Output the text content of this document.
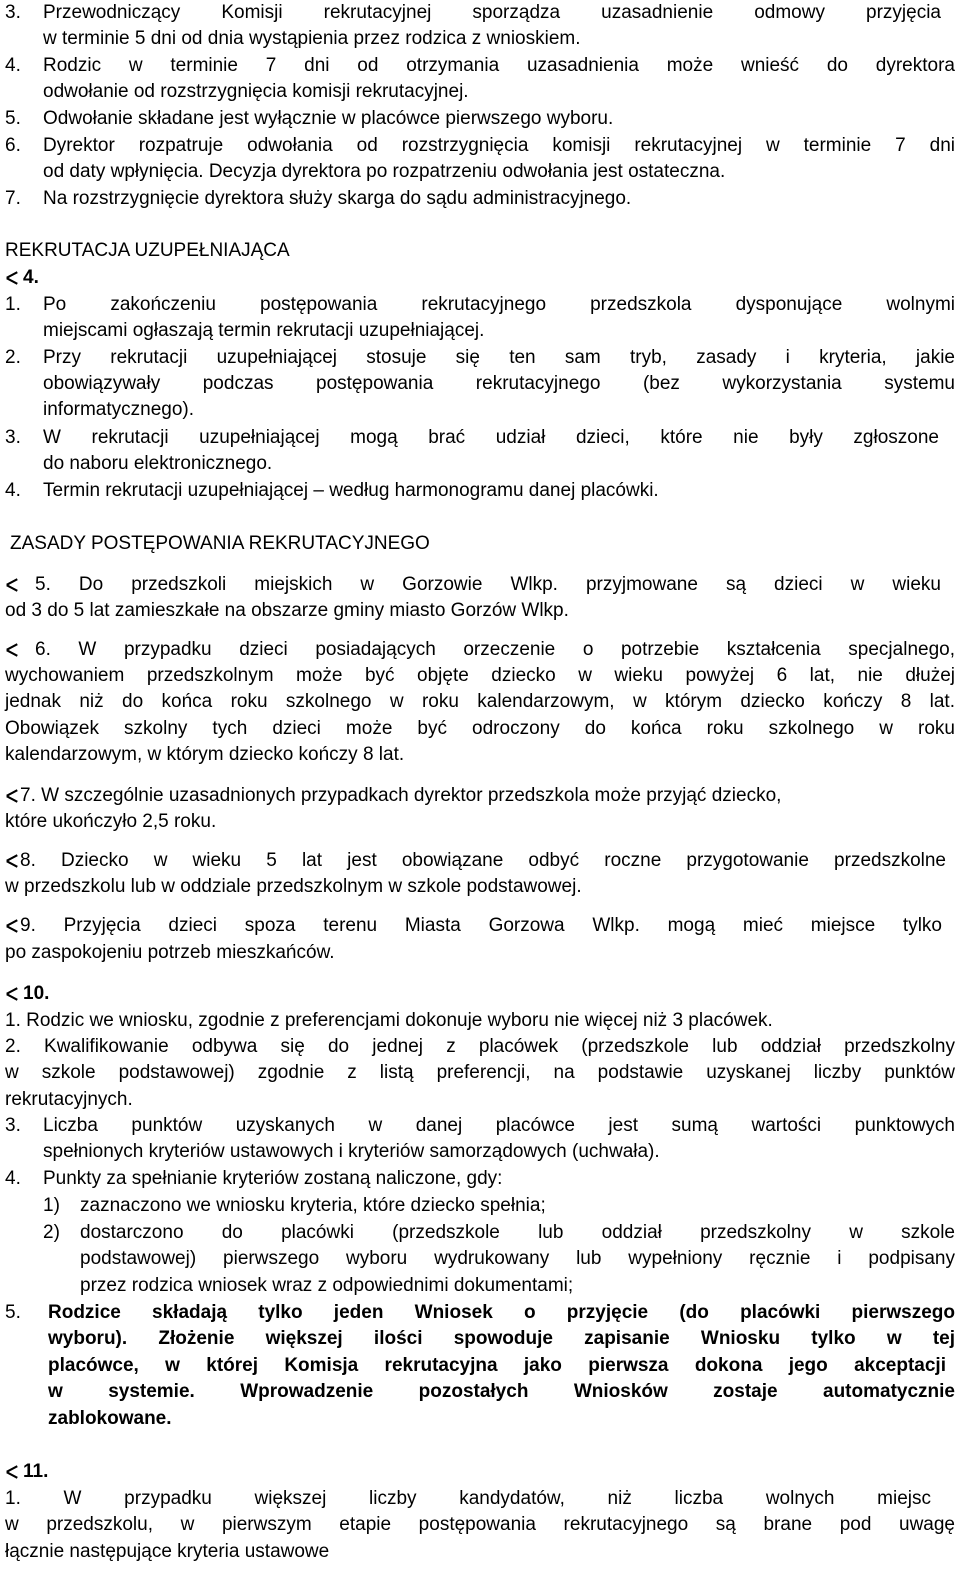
3. Przewodniczący Komisji rekrutacyjnej sporządza uzasadnienie odmowy przyjęcia
w terminie 5 dni od dnia wystąpienia przez rodzica z wnioskiem.
4. Rodzic w terminie 7 dni od otrzymania uzasadnienia może wnieść do dyrektora
odwołanie od rozstrzygnięcia komisji rekrutacyjnej.
5. Odwołanie składane jest wyłącznie w placówce pierwszego wyboru.
6. Dyrektor rozpatruje odwołania od rozstrzygnięcia komisji rekrutacyjnej w terminie 7 dni
od daty wpłynięcia. Decyzja dyrektora po rozpatrzeniu odwołania jest ostateczna.
7. Na rozstrzygnięcie dyrektora służy skarga do sądu administracyjnego.
REKRUTACJA UZUPEŁNIAJĄCA
4.
1. Po zakończeniu postępowania rekrutacyjnego przedszkola dysponujące wolnymi
miejscami ogłaszają termin rekrutacji uzupełniającej.
2. Przy rekrutacji uzupełniającej stosuje się ten sam tryb, zasady i kryteria, jakie
obowiązywały podczas postępowania rekrutacyjnego (bez wykorzystania systemu
informatycznego).
3. W rekrutacji uzupełniającej mogą brać udział dzieci, które nie były zgłoszone
do naboru elektronicznego.
4. Termin rekrutacji uzupełniającej – według harmonogramu danej placówki.
ZASADY POSTĘPOWANIA REKRUTACYJNEGO
5. Do przedszkoli miejskich w Gorzowie Wlkp. przyjmowane są dzieci w wieku
od 3 do 5 lat zamieszkałe na obszarze gminy miasto Gorzów Wlkp.
6. W przypadku dzieci posiadających orzeczenie o potrzebie kształcenia specjalnego,
wychowaniem przedszkolnym może być objęte dziecko w wieku powyżej 6 lat, nie dłużej
jednak niż do końca roku szkolnego w roku kalendarzowym, w którym dziecko kończy 8 lat.
Obowiązek szkolny tych dzieci może być odroczony do końca roku szkolnego w roku
kalendarzowym, w którym dziecko kończy 8 lat.
7. W szczególnie uzasadnionych przypadkach dyrektor przedszkola może przyjąć dziecko,
które ukończyło 2,5 roku.
8. Dziecko w wieku 5 lat jest obowiązane odbyć roczne przygotowanie przedszkolne
w przedszkolu lub w oddziale przedszkolnym w szkole podstawowej.
9. Przyjęcia dzieci spoza terenu Miasta Gorzowa Wlkp. mogą mieć miejsce tylko
po zaspokojeniu potrzeb mieszkańców.
10.
1. Rodzic we wniosku, zgodnie z preferencjami dokonuje wyboru nie więcej niż 3 placówek.
2. Kwalifikowanie odbywa się do jednej z placówek (przedszkole lub oddział przedszkolny
w szkole podstawowej) zgodnie z listą preferencji, na podstawie uzyskanej liczby punktów
rekrutacyjnych.
3. Liczba punktów uzyskanych w danej placówce jest sumą wartości punktowych
spełnionych kryteriów ustawowych i kryteriów samorządowych (uchwała).
4. Punkty za spełnianie kryteriów zostaną naliczone, gdy:
1) zaznaczono we wniosku kryteria, które dziecko spełnia;
2) dostarczono do placówki (przedszkole lub oddział przedszkolny w szkole
podstawowej) pierwszego wyboru wydrukowany lub wypełniony ręcznie i podpisany
przez rodzica wniosek wraz z odpowiednimi dokumentami;
5. Rodzice składają tylko jeden Wniosek o przyjęcie (do placówki pierwszego
wyboru). Złożenie większej ilości spowoduje zapisanie Wniosku tylko w tej
placówce, w której Komisja rekrutacyjna jako pierwsza dokona jego akceptacji
w systemie. Wprowadzenie pozostałych Wniosków zostaje automatycznie
zablokowane.
11.
1. W przypadku większej liczby kandydatów, niż liczba wolnych miejsc
w przedszkolu, w pierwszym etapie postępowania rekrutacyjnego są brane pod uwagę
łącznie następujące kryteria ustawowe
